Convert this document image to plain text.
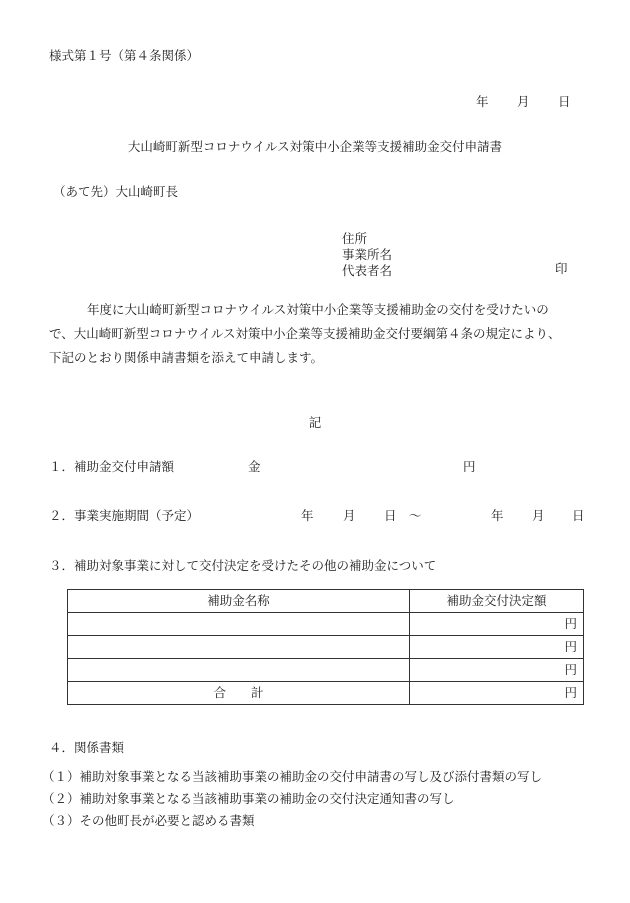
様式第１号（第４条関係）
年 月 日
大山崎町新型コロナウイルス対策中小企業等支援補助金交付申請書
（あて先）大山崎町長
住所
事業所名
代表者名	印
年度に大山崎町新型コロナウイルス対策中小企業等支援補助金の交付を受けたいの
で、大山崎町新型コロナウイルス対策中小企業等支援補助金交付要綱第４条の規定により、
下記のとおり関係申請書類を添えて申請します。
記
１．補助金交付申請額	金	円
２．事業実施期間（予定）	年 月 日 ～	年 月 日
３．補助対象事業に対して交付決定を受けたその他の補助金について
補助金名称	補助金交付決定額
	円
	円
	円
合　　計	円
４．関係書類
（１）補助対象事業となる当該補助事業の補助金の交付申請書の写し及び添付書類の写し
（２）補助対象事業となる当該補助事業の補助金の交付決定通知書の写し
（３）その他町長が必要と認める書類
